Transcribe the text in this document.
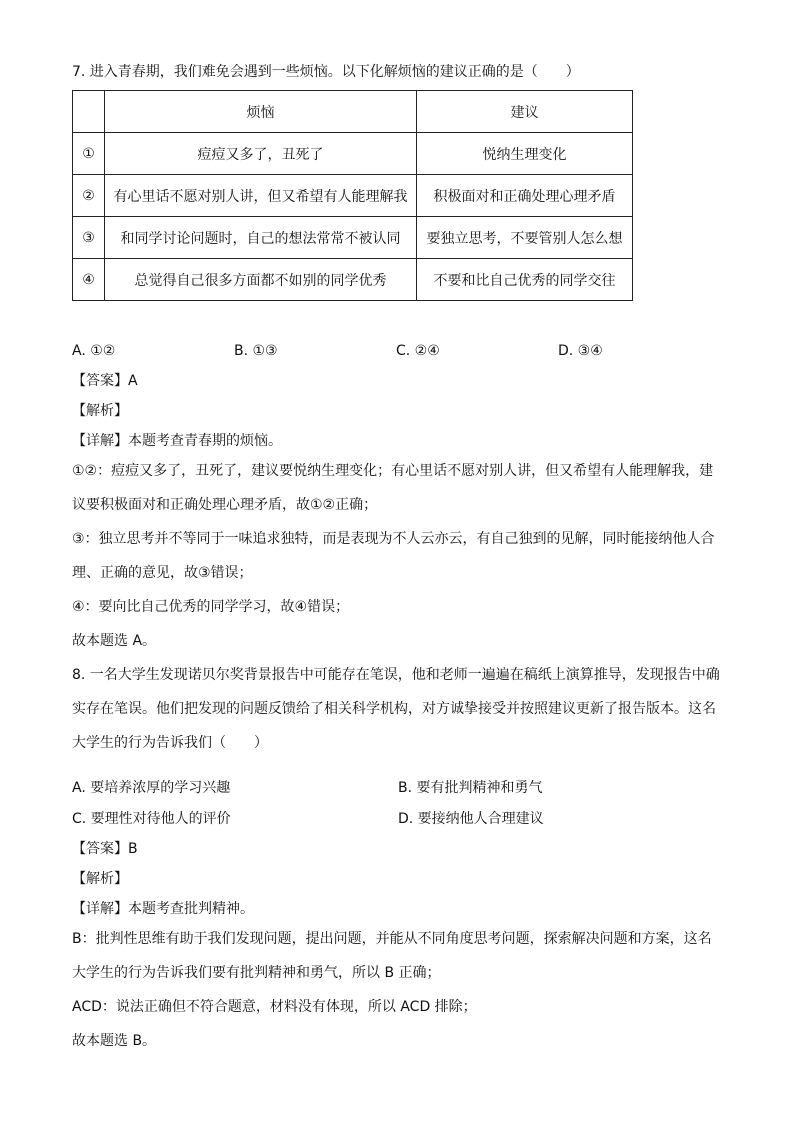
7. 进入青春期，我们难免会遇到一些烦恼。以下化解烦恼的建议正确的是（　　）

	烦恼	建议
①	痘痘又多了，丑死了	悦纳生理变化
②	有心里话不愿对别人讲，但又希望有人能理解我	积极面对和正确处理心理矛盾
③	和同学讨论问题时，自己的想法常常不被认同	要独立思考，不要管别人怎么想
④	总觉得自己很多方面都不如别的同学优秀	不要和比自己优秀的同学交往
A. ①②	B. ①③	C. ②④	D. ③④

【答案】A

【解析】

【详解】本题考查青春期的烦恼。

①②：痘痘又多了，丑死了，建议要悦纳生理变化；有心里话不愿对别人讲，但又希望有人能理解我，建

议要积极面对和正确处理心理矛盾，故①②正确；

③：独立思考并不等同于一味追求独特，而是表现为不人云亦云，有自己独到的见解，同时能接纳他人合

理、正确的意见，故③错误；

④：要向比自己优秀的同学学习，故④错误；

故本题选 A。

8. 一名大学生发现诺贝尔奖背景报告中可能存在笔误，他和老师一遍遍在稿纸上演算推导，发现报告中确

实存在笔误。他们把发现的问题反馈给了相关科学机构，对方诚挚接受并按照建议更新了报告版本。这名

大学生的行为告诉我们（　　）

A. 要培养浓厚的学习兴趣	B. 要有批判精神和勇气
C. 要理性对待他人的评价	D. 要接纳他人合理建议

【答案】B

【解析】

【详解】本题考查批判精神。

B：批判性思维有助于我们发现问题，提出问题，并能从不同角度思考问题，探索解决问题和方案，这名

大学生的行为告诉我们要有批判精神和勇气，所以 B 正确；

ACD：说法正确但不符合题意，材料没有体现，所以 ACD 排除；

故本题选 B。
